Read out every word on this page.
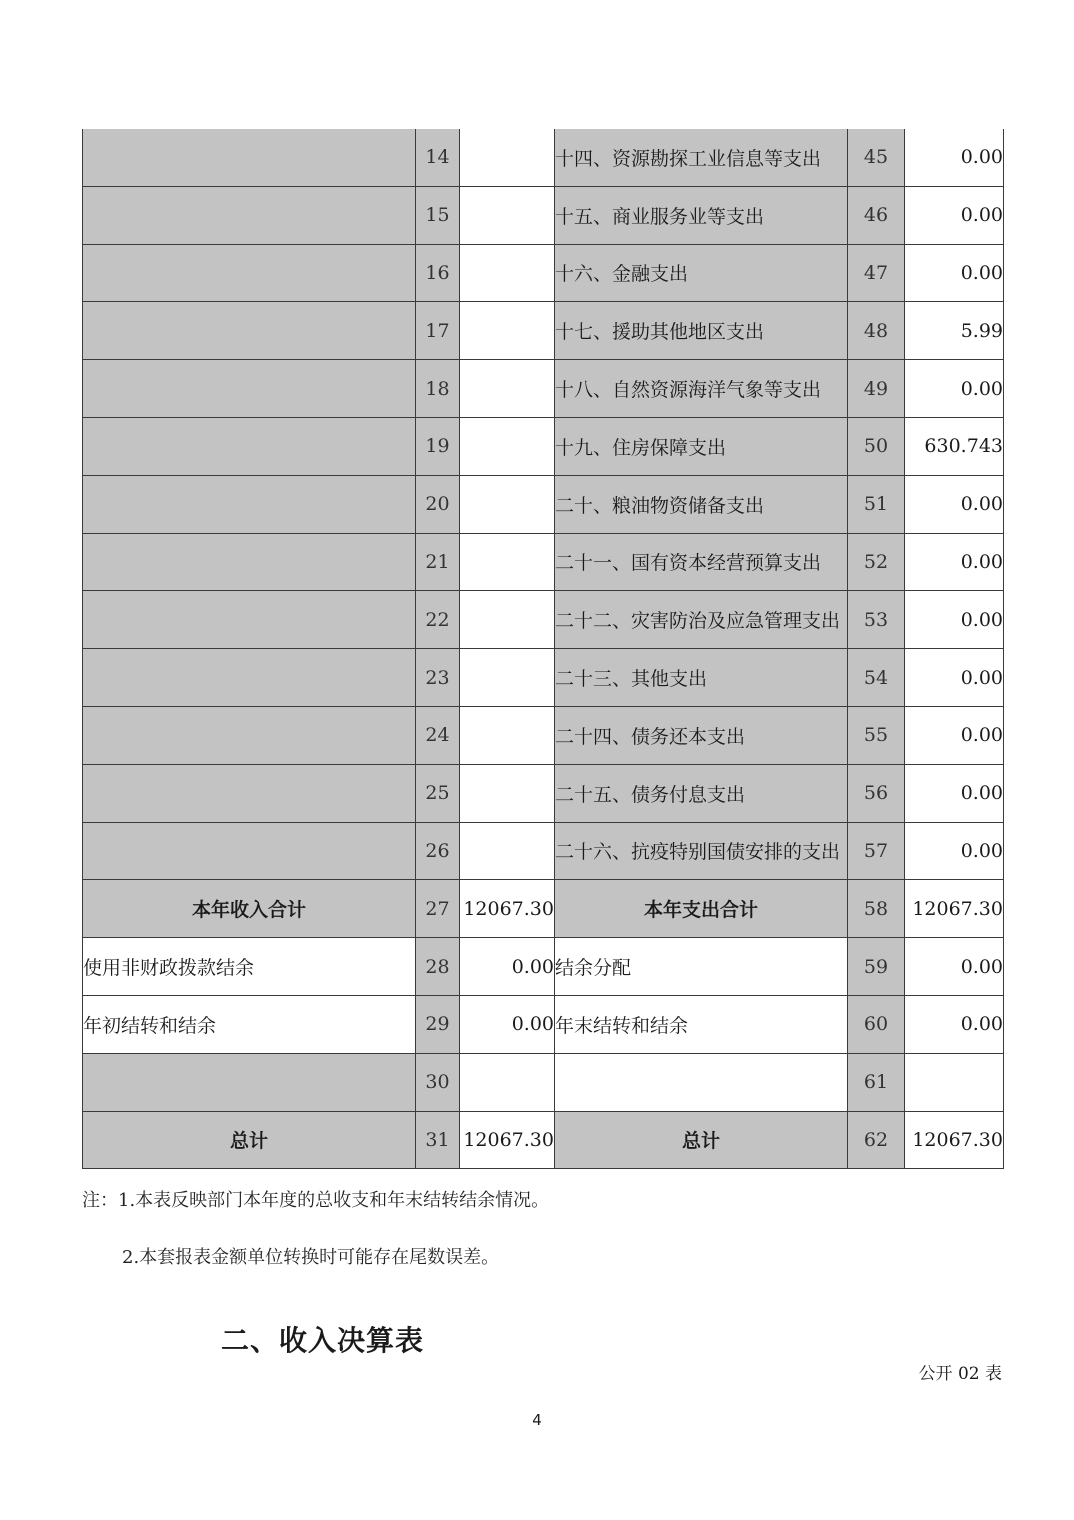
	14		十四、资源勘探工业信息等支出	45	0.00
	15		十五、商业服务业等支出	46	0.00
	16		十六、金融支出	47	0.00
	17		十七、援助其他地区支出	48	5.99
	18		十八、自然资源海洋气象等支出	49	0.00
	19		十九、住房保障支出	50	630.743
	20		二十、粮油物资储备支出	51	0.00
	21		二十一、国有资本经营预算支出	52	0.00
	22		二十二、灾害防治及应急管理支出	53	0.00
	23		二十三、其他支出	54	0.00
	24		二十四、债务还本支出	55	0.00
	25		二十五、债务付息支出	56	0.00
	26		二十六、抗疫特别国债安排的支出	57	0.00
本年收入合计	27	12067.30	本年支出合计	58	12067.30
使用非财政拨款结余	28	0.00	结余分配	59	0.00
年初结转和结余	29	0.00	年末结转和结余	60	0.00
	30			61	
总计	31	12067.30	总计	62	12067.30
注：1.本表反映部门本年度的总收支和年末结转结余情况。
2.本套报表金额单位转换时可能存在尾数误差。
二、收入决算表
公开 02 表
4
